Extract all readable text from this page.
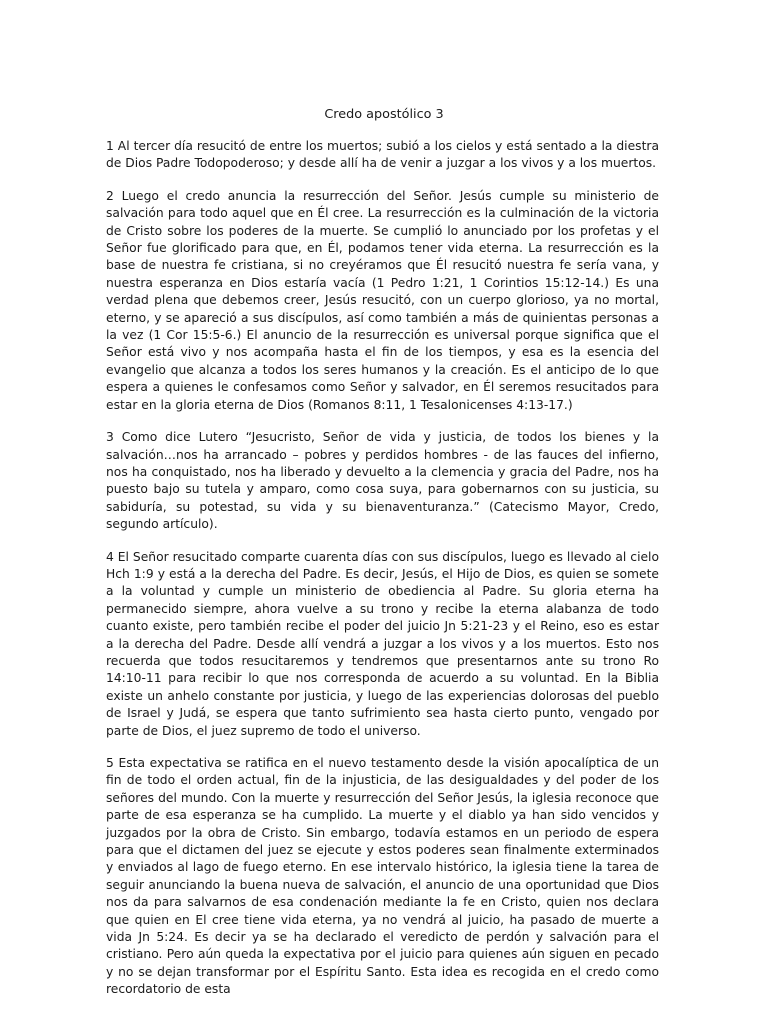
Credo apostólico 3

1 Al tercer día resucitó de entre los muertos; subió a los cielos y está sentado a la diestra de Dios Padre Todopoderoso; y desde allí ha de venir a juzgar a los vivos y a los muertos.

2 Luego el credo anuncia la resurrección del Señor. Jesús cumple su ministerio de salvación para todo aquel que en Él cree. La resurrección es la culminación de la victoria de Cristo sobre los poderes de la muerte. Se cumplió lo anunciado por los profetas y el Señor fue glorificado para que, en Él, podamos tener vida eterna. La resurrección es la base de nuestra fe cristiana, si no creyéramos que Él resucitó nuestra fe sería vana, y nuestra esperanza en Dios estaría vacía (1 Pedro 1:21, 1 Corintios 15:12-14.) Es una verdad plena que debemos creer, Jesús resucitó, con un cuerpo glorioso, ya no mortal, eterno, y se apareció a sus discípulos, así como también a más de quinientas personas a la vez (1 Cor 15:5-6.) El anuncio de la resurrección es universal porque significa que el Señor está vivo y nos acompaña hasta el fin de los tiempos, y esa es la esencia del evangelio que alcanza a todos los seres humanos y la creación. Es el anticipo de lo que espera a quienes le confesamos como Señor y salvador, en Él seremos resucitados para estar en la gloria eterna de Dios (Romanos 8:11, 1 Tesalonicenses 4:13-17.)

3 Como dice Lutero “Jesucristo, Señor de vida y justicia, de todos los bienes y la salvación…nos ha arrancado – pobres y perdidos hombres - de las fauces del infierno, nos ha conquistado, nos ha liberado y devuelto a la clemencia y gracia del Padre, nos ha puesto bajo su tutela y amparo, como cosa suya, para gobernarnos con su justicia, su sabiduría, su potestad, su vida y su bienaventuranza.” (Catecismo Mayor, Credo, segundo artículo).

4 El Señor resucitado comparte cuarenta días con sus discípulos, luego es llevado al cielo Hch 1:9 y está a la derecha del Padre. Es decir, Jesús, el Hijo de Dios, es quien se somete a la voluntad y cumple un ministerio de obediencia al Padre. Su gloria eterna ha permanecido siempre, ahora vuelve a su trono y recibe la eterna alabanza de todo cuanto existe, pero también recibe el poder del juicio Jn 5:21-23 y el Reino, eso es estar a la derecha del Padre. Desde allí vendrá a juzgar a los vivos y a los muertos. Esto nos recuerda que todos resucitaremos y tendremos que presentarnos ante su trono Ro 14:10-11 para recibir lo que nos corresponda de acuerdo a su voluntad. En la Biblia existe un anhelo constante por justicia, y luego de las experiencias dolorosas del pueblo de Israel y Judá, se espera que tanto sufrimiento sea hasta cierto punto, vengado por parte de Dios, el juez supremo de todo el universo.

5 Esta expectativa se ratifica en el nuevo testamento desde la visión apocalíptica de un fin de todo el orden actual, fin de la injusticia, de las desigualdades y del poder de los señores del mundo. Con la muerte y resurrección del Señor Jesús, la iglesia reconoce que parte de esa esperanza se ha cumplido. La muerte y el diablo ya han sido vencidos y juzgados por la obra de Cristo. Sin embargo, todavía estamos en un periodo de espera para que el dictamen del juez se ejecute y estos poderes sean finalmente exterminados y enviados al lago de fuego eterno. En ese intervalo histórico, la iglesia tiene la tarea de seguir anunciando la buena nueva de salvación, el anuncio de una oportunidad que Dios nos da para salvarnos de esa condenación mediante la fe en Cristo, quien nos declara que quien en El cree tiene vida eterna, ya no vendrá al juicio, ha pasado de muerte a vida Jn 5:24. Es decir ya se ha declarado el veredicto de perdón y salvación para el cristiano. Pero aún queda la expectativa por el juicio para quienes aún siguen en pecado y no se dejan transformar por el Espíritu Santo. Esta idea es recogida en el credo como recordatorio de esta
